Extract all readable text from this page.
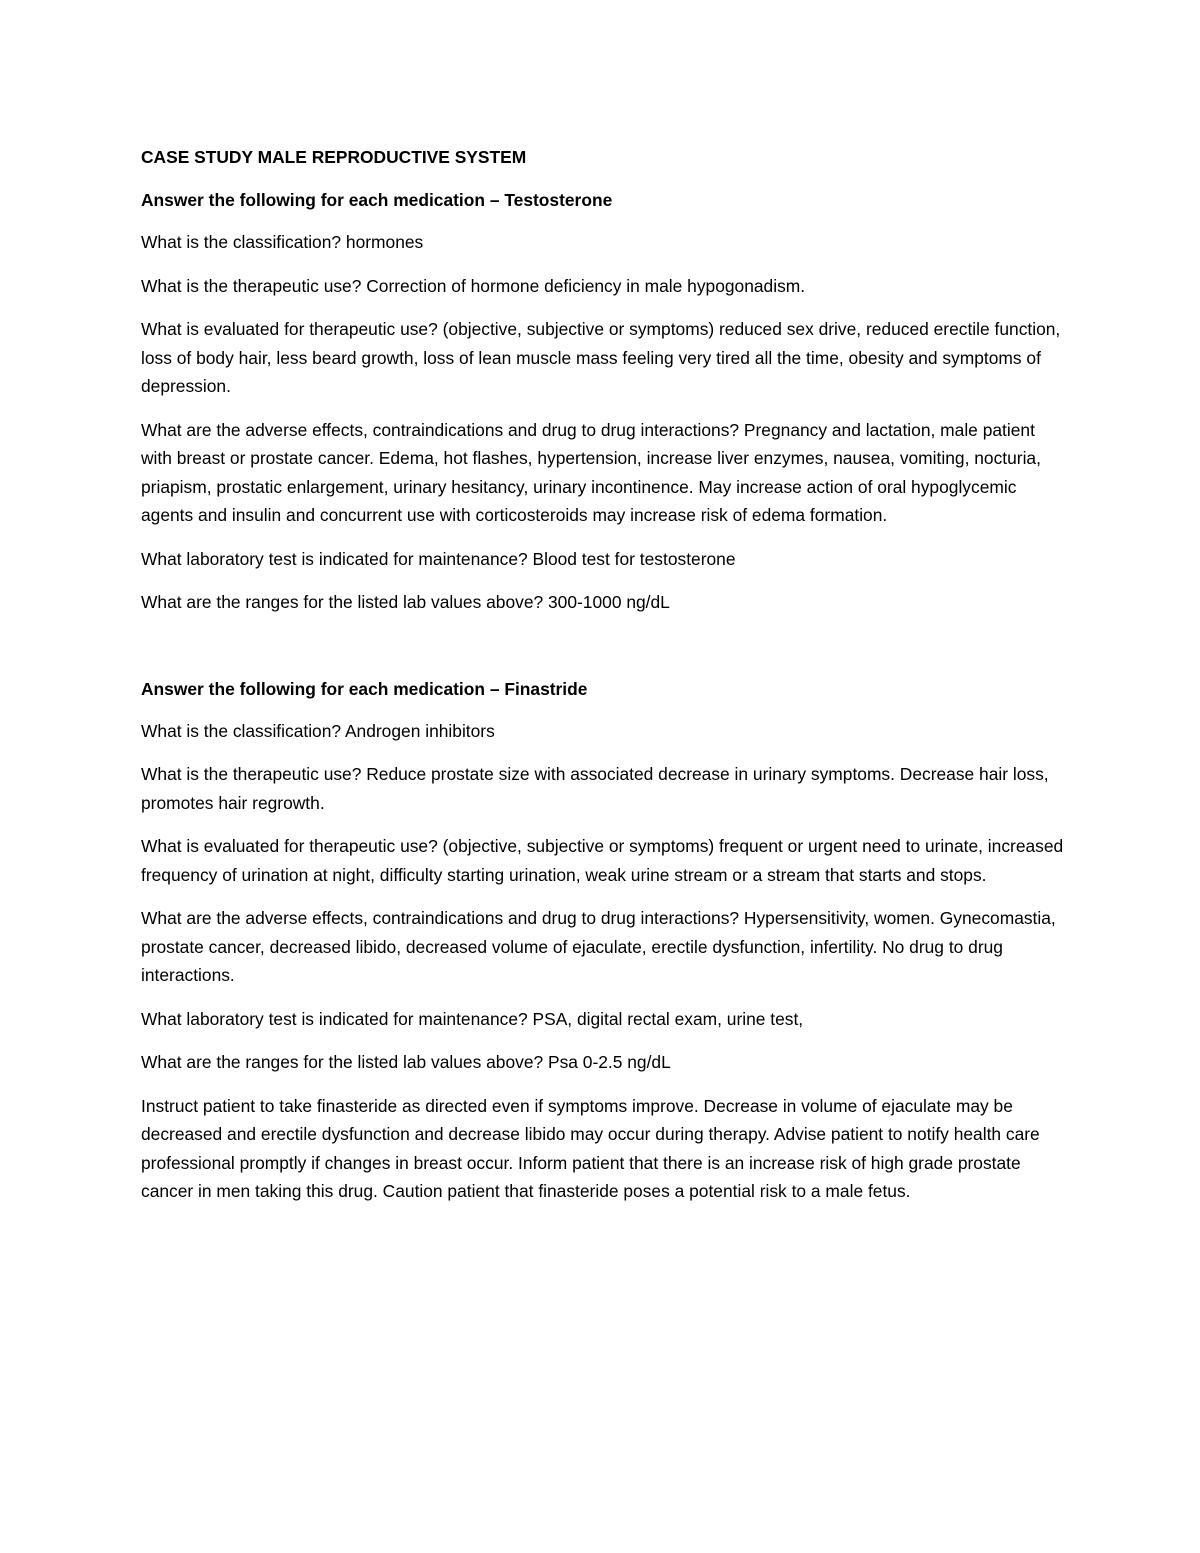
CASE STUDY MALE REPRODUCTIVE SYSTEM
Answer the following for each medication – Testosterone

What is the classification? hormones

What is the therapeutic use? Correction of hormone deficiency in male hypogonadism.

What is evaluated for therapeutic use? (objective, subjective or symptoms) reduced sex drive, reduced erectile function, loss of body hair, less beard growth, loss of lean muscle mass feeling very tired all the time, obesity and symptoms of depression.

What are the adverse effects, contraindications and drug to drug interactions? Pregnancy and lactation, male patient with breast or prostate cancer. Edema, hot flashes, hypertension, increase liver enzymes, nausea, vomiting, nocturia, priapism, prostatic enlargement, urinary hesitancy, urinary incontinence. May increase action of oral hypoglycemic agents and insulin and concurrent use with corticosteroids may increase risk of edema formation.

What laboratory test is indicated for maintenance? Blood test for testosterone

What are the ranges for the listed lab values above? 300-1000 ng/dL

Answer the following for each medication – Finastride

What is the classification? Androgen inhibitors

What is the therapeutic use? Reduce prostate size with associated decrease in urinary symptoms. Decrease hair loss, promotes hair regrowth.

What is evaluated for therapeutic use? (objective, subjective or symptoms) frequent or urgent need to urinate, increased frequency of urination at night, difficulty starting urination, weak urine stream or a stream that starts and stops.

What are the adverse effects, contraindications and drug to drug interactions? Hypersensitivity, women. Gynecomastia, prostate cancer, decreased libido, decreased volume of ejaculate, erectile dysfunction, infertility. No drug to drug interactions.

What laboratory test is indicated for maintenance? PSA, digital rectal exam, urine test,

What are the ranges for the listed lab values above? Psa 0-2.5 ng/dL

Instruct patient to take finasteride as directed even if symptoms improve. Decrease in volume of ejaculate may be decreased and erectile dysfunction and decrease libido may occur during therapy. Advise patient to notify health care professional promptly if changes in breast occur. Inform patient that there is an increase risk of high grade prostate cancer in men taking this drug. Caution patient that finasteride poses a potential risk to a male fetus.
